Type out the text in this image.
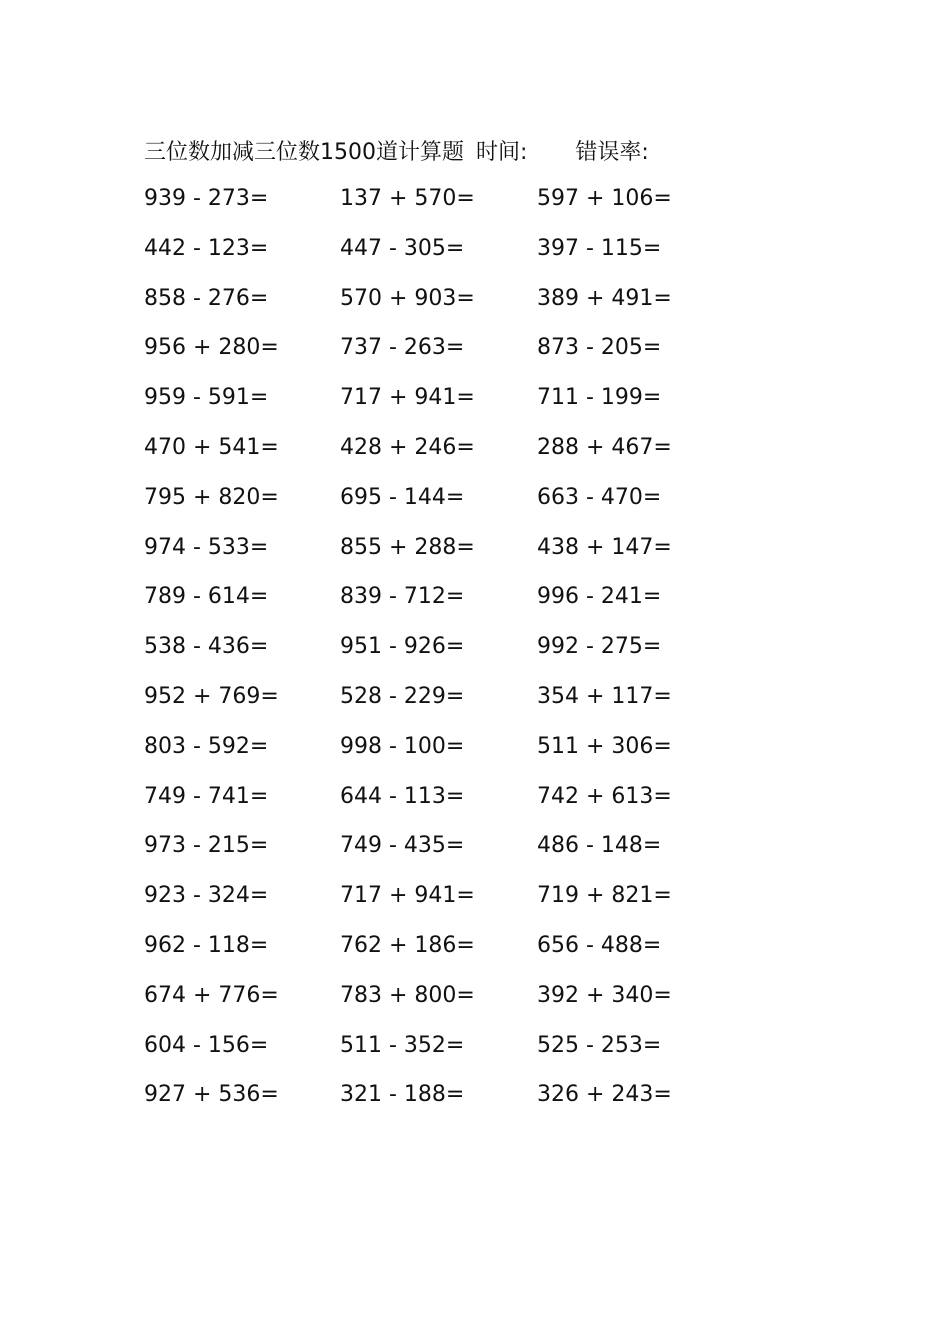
三位数加减三位数1500道计算题 时间: 错误率:
939 - 273=	137 + 570=	597 + 106=
442 - 123=	447 - 305=	397 - 115=
858 - 276=	570 + 903=	389 + 491=
956 + 280=	737 - 263=	873 - 205=
959 - 591=	717 + 941=	711 - 199=
470 + 541=	428 + 246=	288 + 467=
795 + 820=	695 - 144=	663 - 470=
974 - 533=	855 + 288=	438 + 147=
789 - 614=	839 - 712=	996 - 241=
538 - 436=	951 - 926=	992 - 275=
952 + 769=	528 - 229=	354 + 117=
803 - 592=	998 - 100=	511 + 306=
749 - 741=	644 - 113=	742 + 613=
973 - 215=	749 - 435=	486 - 148=
923 - 324=	717 + 941=	719 + 821=
962 - 118=	762 + 186=	656 - 488=
674 + 776=	783 + 800=	392 + 340=
604 - 156=	511 - 352=	525 - 253=
927 + 536=	321 - 188=	326 + 243=
